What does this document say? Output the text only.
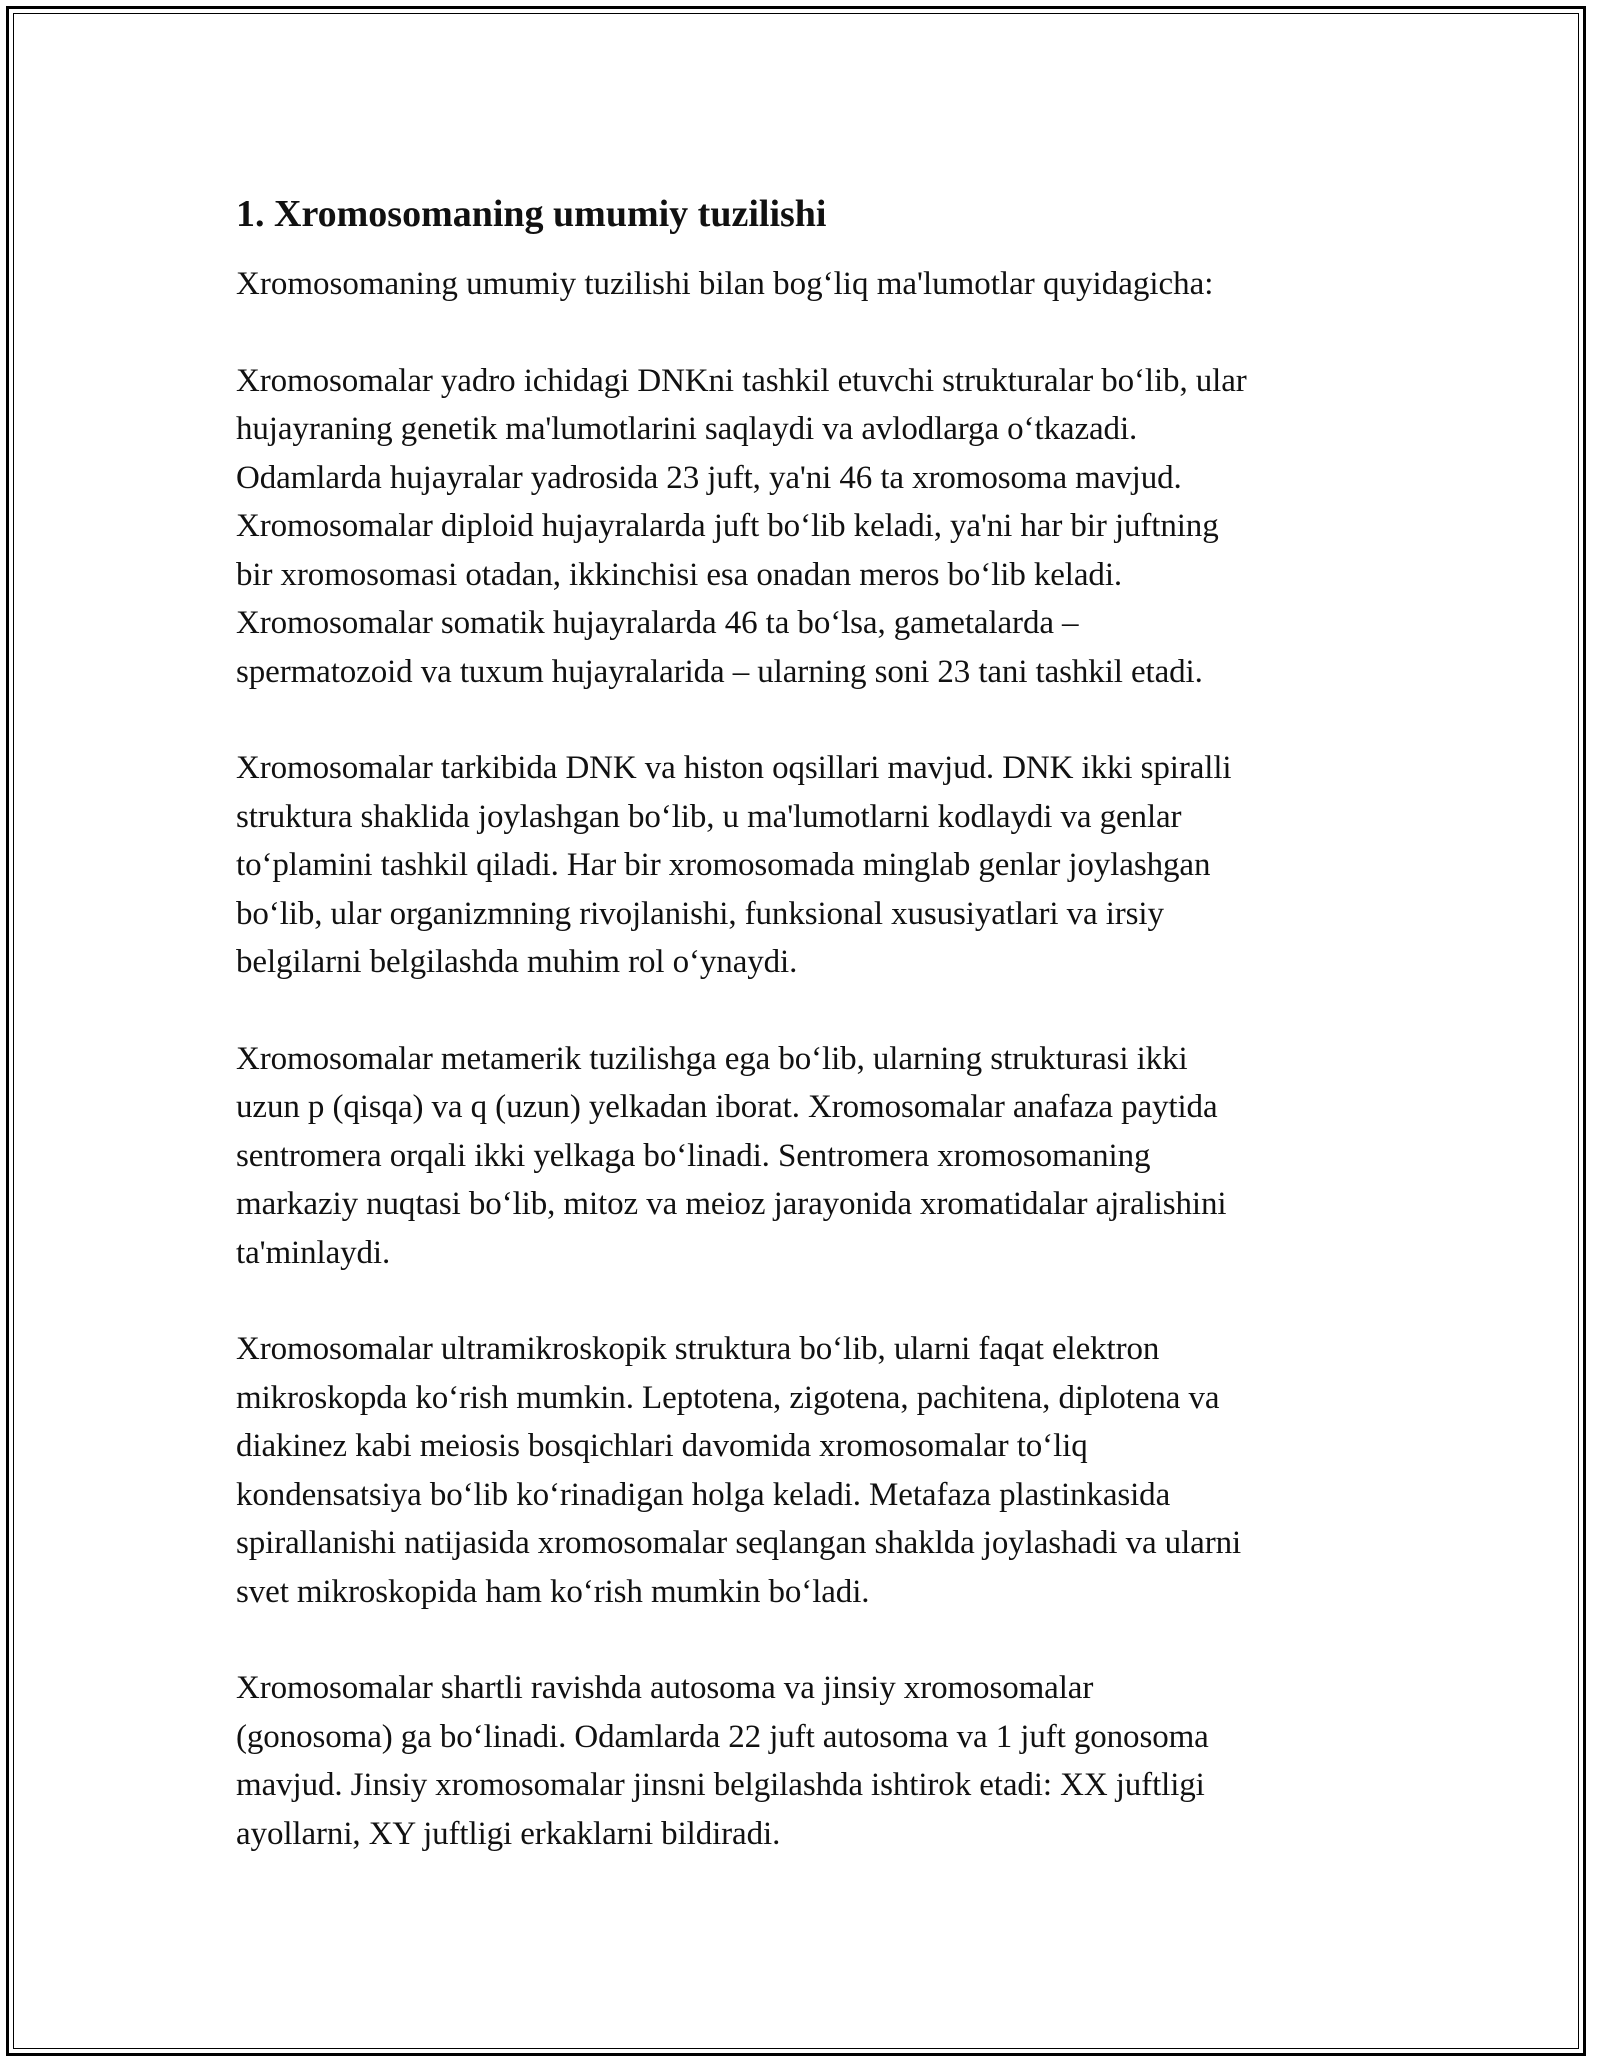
1. Xromosomaning umumiy tuzilishi

Xromosomaning umumiy tuzilishi bilan bog‘liq ma'lumotlar quyidagicha:

Xromosomalar yadro ichidagi DNKni tashkil etuvchi strukturalar bo‘lib, ular
hujayraning genetik ma'lumotlarini saqlaydi va avlodlarga o‘tkazadi.
Odamlarda hujayralar yadrosida 23 juft, ya'ni 46 ta xromosoma mavjud.
Xromosomalar diploid hujayralarda juft bo‘lib keladi, ya'ni har bir juftning
bir xromosomasi otadan, ikkinchisi esa onadan meros bo‘lib keladi.
Xromosomalar somatik hujayralarda 46 ta bo‘lsa, gametalarda –
spermatozoid va tuxum hujayralarida – ularning soni 23 tani tashkil etadi.

Xromosomalar tarkibida DNK va histon oqsillari mavjud. DNK ikki spiralli
struktura shaklida joylashgan bo‘lib, u ma'lumotlarni kodlaydi va genlar
to‘plamini tashkil qiladi. Har bir xromosomada minglab genlar joylashgan
bo‘lib, ular organizmning rivojlanishi, funksional xususiyatlari va irsiy
belgilarni belgilashda muhim rol o‘ynaydi.

Xromosomalar metamerik tuzilishga ega bo‘lib, ularning strukturasi ikki
uzun p (qisqa) va q (uzun) yelkadan iborat. Xromosomalar anafaza paytida
sentromera orqali ikki yelkaga bo‘linadi. Sentromera xromosomaning
markaziy nuqtasi bo‘lib, mitoz va meioz jarayonida xromatidalar ajralishini
ta'minlaydi.

Xromosomalar ultramikroskopik struktura bo‘lib, ularni faqat elektron
mikroskopda ko‘rish mumkin. Leptotena, zigotena, pachitena, diplotena va
diakinez kabi meiosis bosqichlari davomida xromosomalar to‘liq
kondensatsiya bo‘lib ko‘rinadigan holga keladi. Metafaza plastinkasida
spirallanishi natijasida xromosomalar seqlangan shaklda joylashadi va ularni
svet mikroskopida ham ko‘rish mumkin bo‘ladi.

Xromosomalar shartli ravishda autosoma va jinsiy xromosomalar
(gonosoma) ga bo‘linadi. Odamlarda 22 juft autosoma va 1 juft gonosoma
mavjud. Jinsiy xromosomalar jinsni belgilashda ishtirok etadi: XX juftligi
ayollarni, XY juftligi erkaklarni bildiradi.
